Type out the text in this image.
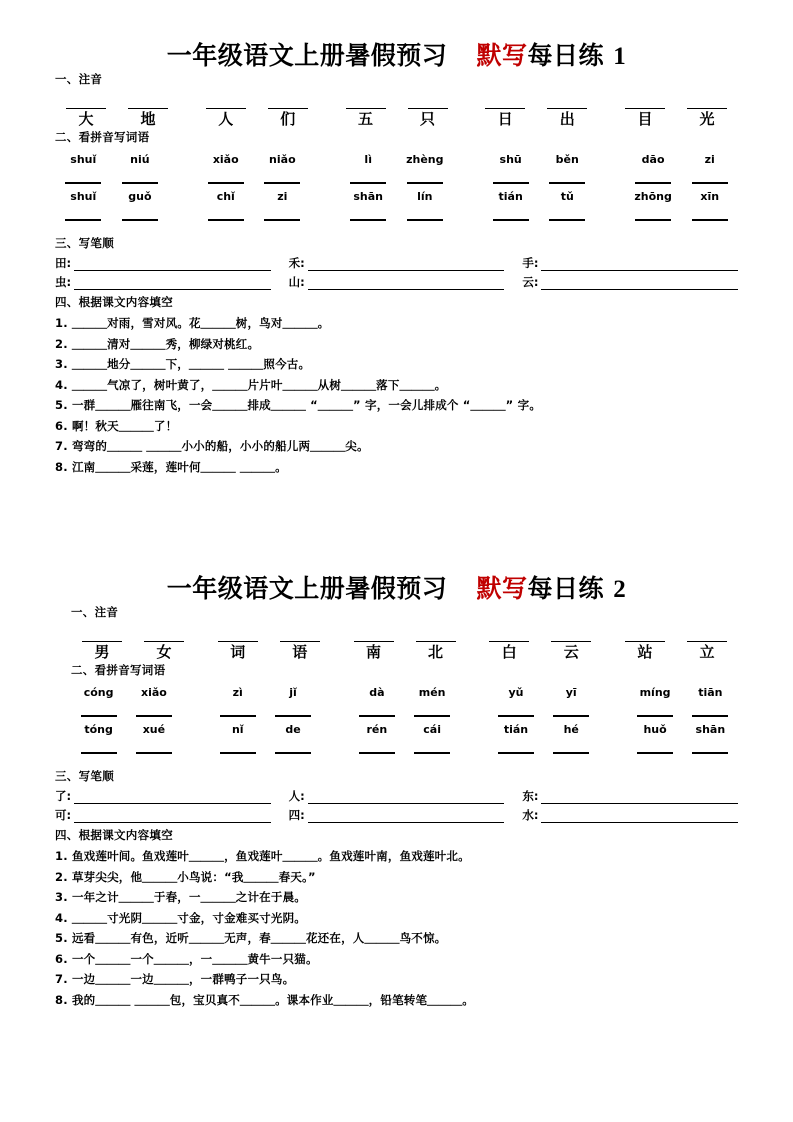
一年级语文上册暑假预习 默写每日练 1
一、注音
大	地	人	们	五	只	日	出	目	光
二、看拼音写词语
shuǐ	niú	xiǎo	niǎo	lì	zhèng	shū	běn	dāo	zi
shuǐ	guǒ	chǐ	zi	shān	lín	tián	tǔ	zhōng	xīn
三、写笔顺
田:	禾:	手:
虫:	山:	云:
四、根据课文内容填空
1. ＿＿＿对雨，雪对风。花＿＿＿树，鸟对＿＿＿。
2. ＿＿＿清对＿＿＿秀，柳绿对桃红。
3. ＿＿＿地分＿＿＿下，＿＿＿ ＿＿＿照今古。
4. ＿＿＿气凉了，树叶黄了，＿＿＿片片叶＿＿＿从树＿＿＿落下＿＿＿。
5. 一群＿＿＿雁往南飞，一会＿＿＿排成＿＿＿ “＿＿＿” 字，一会儿排成个 “＿＿＿” 字。
6. 啊！秋天＿＿＿了！
7. 弯弯的＿＿＿ ＿＿＿小小的船，小小的船儿两＿＿＿尖。
8. 江南＿＿＿采莲，莲叶何＿＿＿ ＿＿＿。
一年级语文上册暑假预习 默写每日练 2
一、注音
男	女	词	语	南	北	白	云	站	立
二、看拼音写词语
cóng	xiǎo	zì	jǐ	dà	mén	yǔ	yī	míng	tiān
tóng	xué	nǐ	de	rén	cái	tián	hé	huǒ	shān
三、写笔顺
了:	人:	东:
可:	四:	水:
四、根据课文内容填空
1. 鱼戏莲叶间。鱼戏莲叶＿＿＿，鱼戏莲叶＿＿＿。鱼戏莲叶南，鱼戏莲叶北。
2. 草芽尖尖，他＿＿＿小鸟说：“我＿＿＿春天。”
3. 一年之计＿＿＿于春，一＿＿＿之计在于晨。
4. ＿＿＿寸光阴＿＿＿寸金，寸金难买寸光阴。
5. 远看＿＿＿有色，近听＿＿＿无声，春＿＿＿花还在，人＿＿＿鸟不惊。
6. 一个＿＿＿一个＿＿＿，一＿＿＿黄牛一只猫。
7. 一边＿＿＿一边＿＿＿，一群鸭子一只鸟。
8. 我的＿＿＿ ＿＿＿包，宝贝真不＿＿＿。课本作业＿＿＿，铅笔转笔＿＿＿。
